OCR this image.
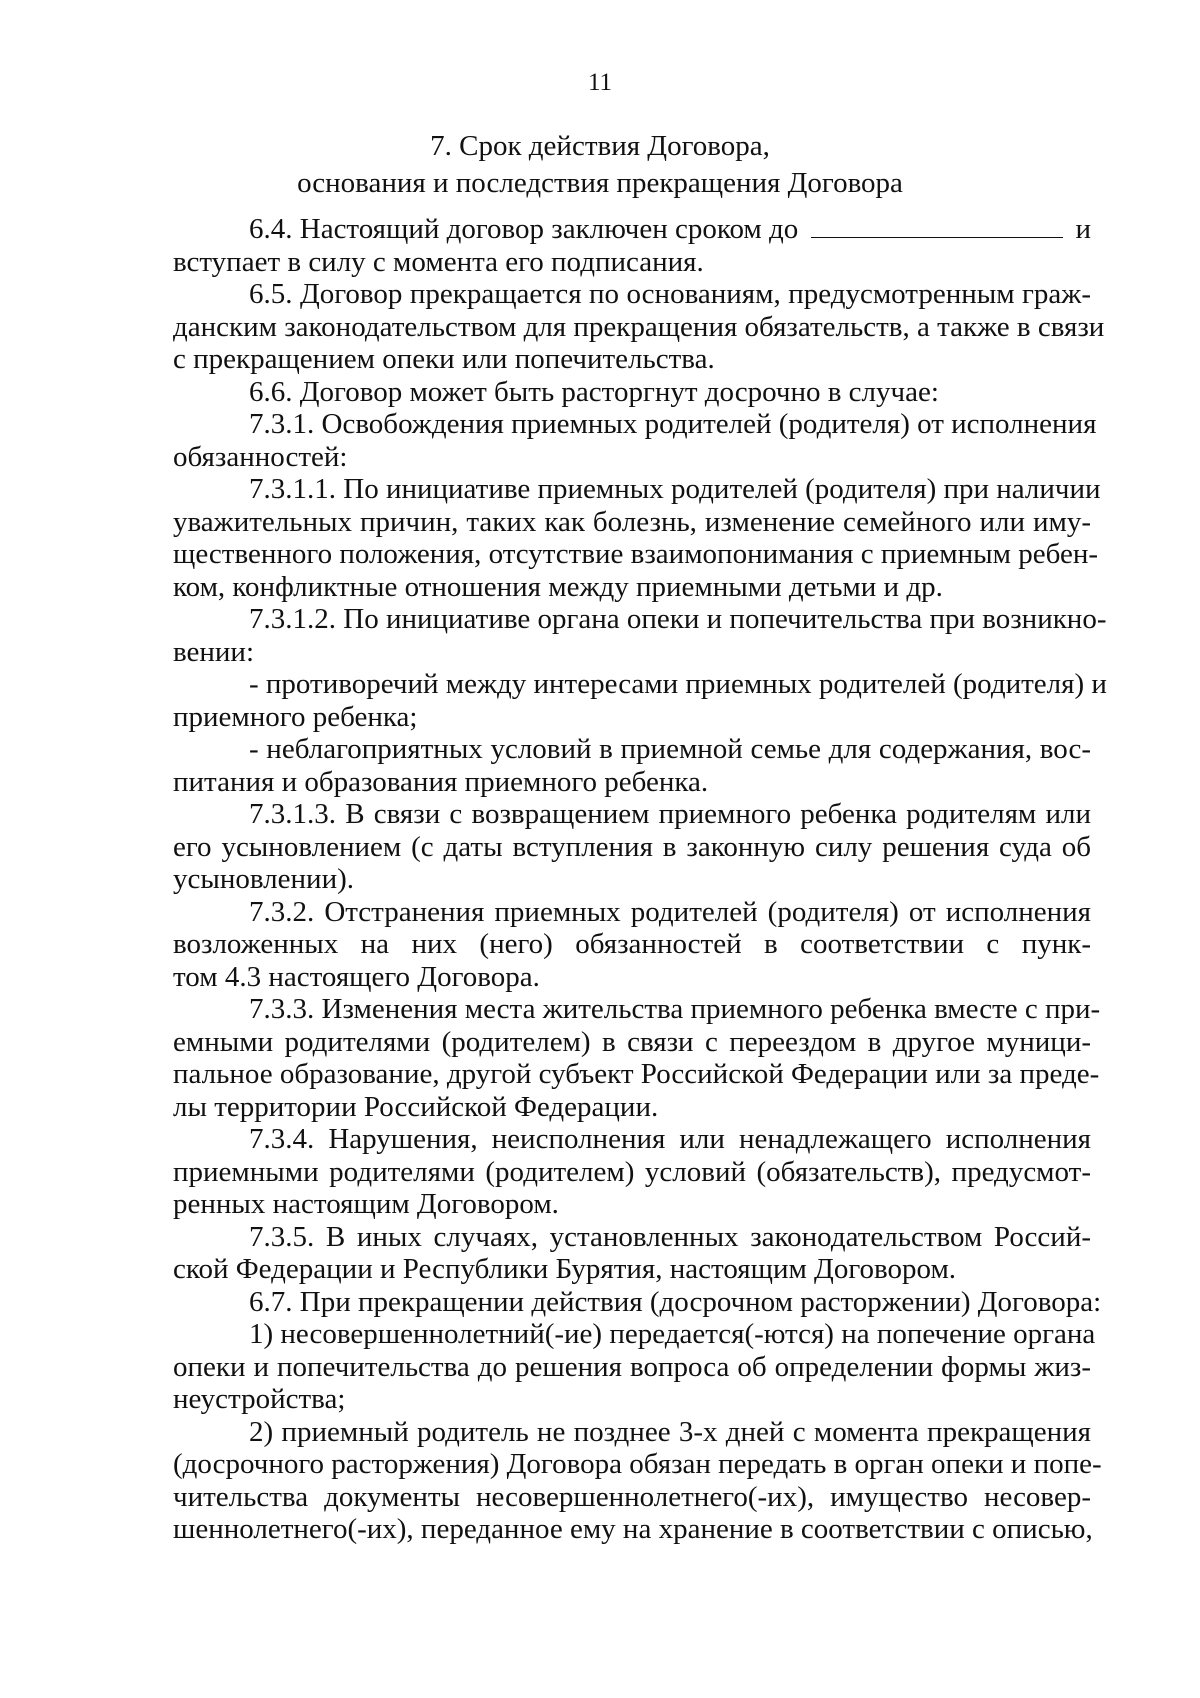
11
7. Срок действия Договора,
основания и последствия прекращения Договора
6.4. Настоящий договор заключен сроком до	и
вступает в силу с момента его подписания.
6.5. Договор прекращается по основаниям, предусмотренным граж-
данским законодательством для прекращения обязательств, а также в связи
с прекращением опеки или попечительства.
6.6. Договор может быть расторгнут досрочно в случае:
7.3.1. Освобождения приемных родителей (родителя) от исполнения
обязанностей:
7.3.1.1. По инициативе приемных родителей (родителя) при наличии
уважительных причин, таких как болезнь, изменение семейного или иму-
щественного положения, отсутствие взаимопонимания с приемным ребен-
ком, конфликтные отношения между приемными детьми и др.
7.3.1.2. По инициативе органа опеки и попечительства при возникно-
вении:
- противоречий между интересами приемных родителей (родителя) и
приемного ребенка;
- неблагоприятных условий в приемной семье для содержания, вос-
питания и образования приемного ребенка.
7.3.1.3. В связи с возвращением приемного ребенка родителям или
его усыновлением (с даты вступления в законную силу решения суда об
усыновлении).
7.3.2. Отстранения приемных родителей (родителя) от исполнения
возложенных на них (него) обязанностей в соответствии с пунк-
том 4.3 настоящего Договора.
7.3.3. Изменения места жительства приемного ребенка вместе с при-
емными родителями (родителем) в связи с переездом в другое муници-
пальное образование, другой субъект Российской Федерации или за преде-
лы территории Российской Федерации.
7.3.4. Нарушения, неисполнения или ненадлежащего исполнения
приемными родителями (родителем) условий (обязательств), предусмот-
ренных настоящим Договором.
7.3.5. В иных случаях, установленных законодательством Россий-
ской Федерации и Республики Бурятия, настоящим Договором.
6.7. При прекращении действия (досрочном расторжении) Договора:
1) несовершеннолетний(-ие) передается(-ются) на попечение органа
опеки и попечительства до решения вопроса об определении формы жиз-
неустройства;
2) приемный родитель не позднее 3-х дней с момента прекращения
(досрочного расторжения) Договора обязан передать в орган опеки и попе-
чительства документы несовершеннолетнего(-их), имущество несовер-
шеннолетнего(-их), переданное ему на хранение в соответствии с описью,
